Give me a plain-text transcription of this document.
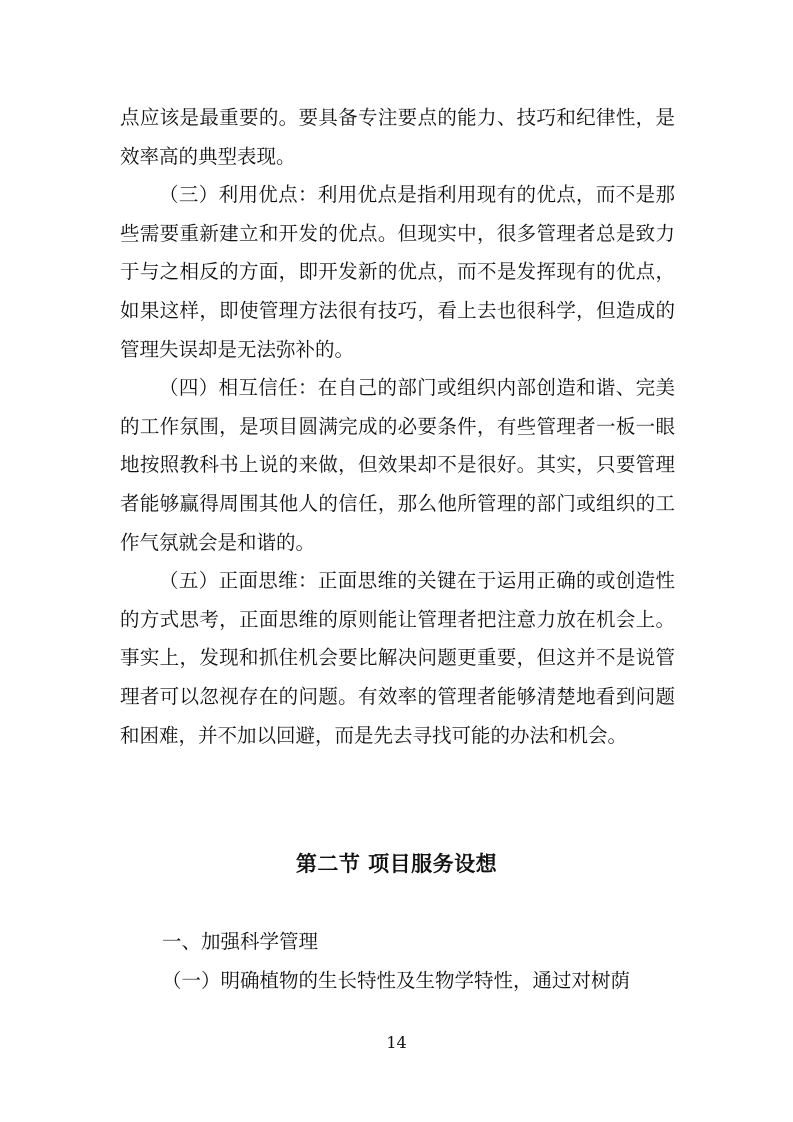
点应该是最重要的。要具备专注要点的能力、技巧和纪律性，是效率高的典型表现。

（三）利用优点：利用优点是指利用现有的优点，而不是那些需要重新建立和开发的优点。但现实中，很多管理者总是致力于与之相反的方面，即开发新的优点，而不是发挥现有的优点，如果这样，即使管理方法很有技巧，看上去也很科学，但造成的管理失误却是无法弥补的。

（四）相互信任：在自己的部门或组织内部创造和谐、完美的工作氛围，是项目圆满完成的必要条件，有些管理者一板一眼地按照教科书上说的来做，但效果却不是很好。其实，只要管理者能够赢得周围其他人的信任，那么他所管理的部门或组织的工作气氛就会是和谐的。

（五）正面思维：正面思维的关键在于运用正确的或创造性的方式思考，正面思维的原则能让管理者把注意力放在机会上。事实上，发现和抓住机会要比解决问题更重要，但这并不是说管理者可以忽视存在的问题。有效率的管理者能够清楚地看到问题和困难，并不加以回避，而是先去寻找可能的办法和机会。

第二节 项目服务设想
一、加强科学管理
（一）明确植物的生长特性及生物学特性，通过对树荫
14
